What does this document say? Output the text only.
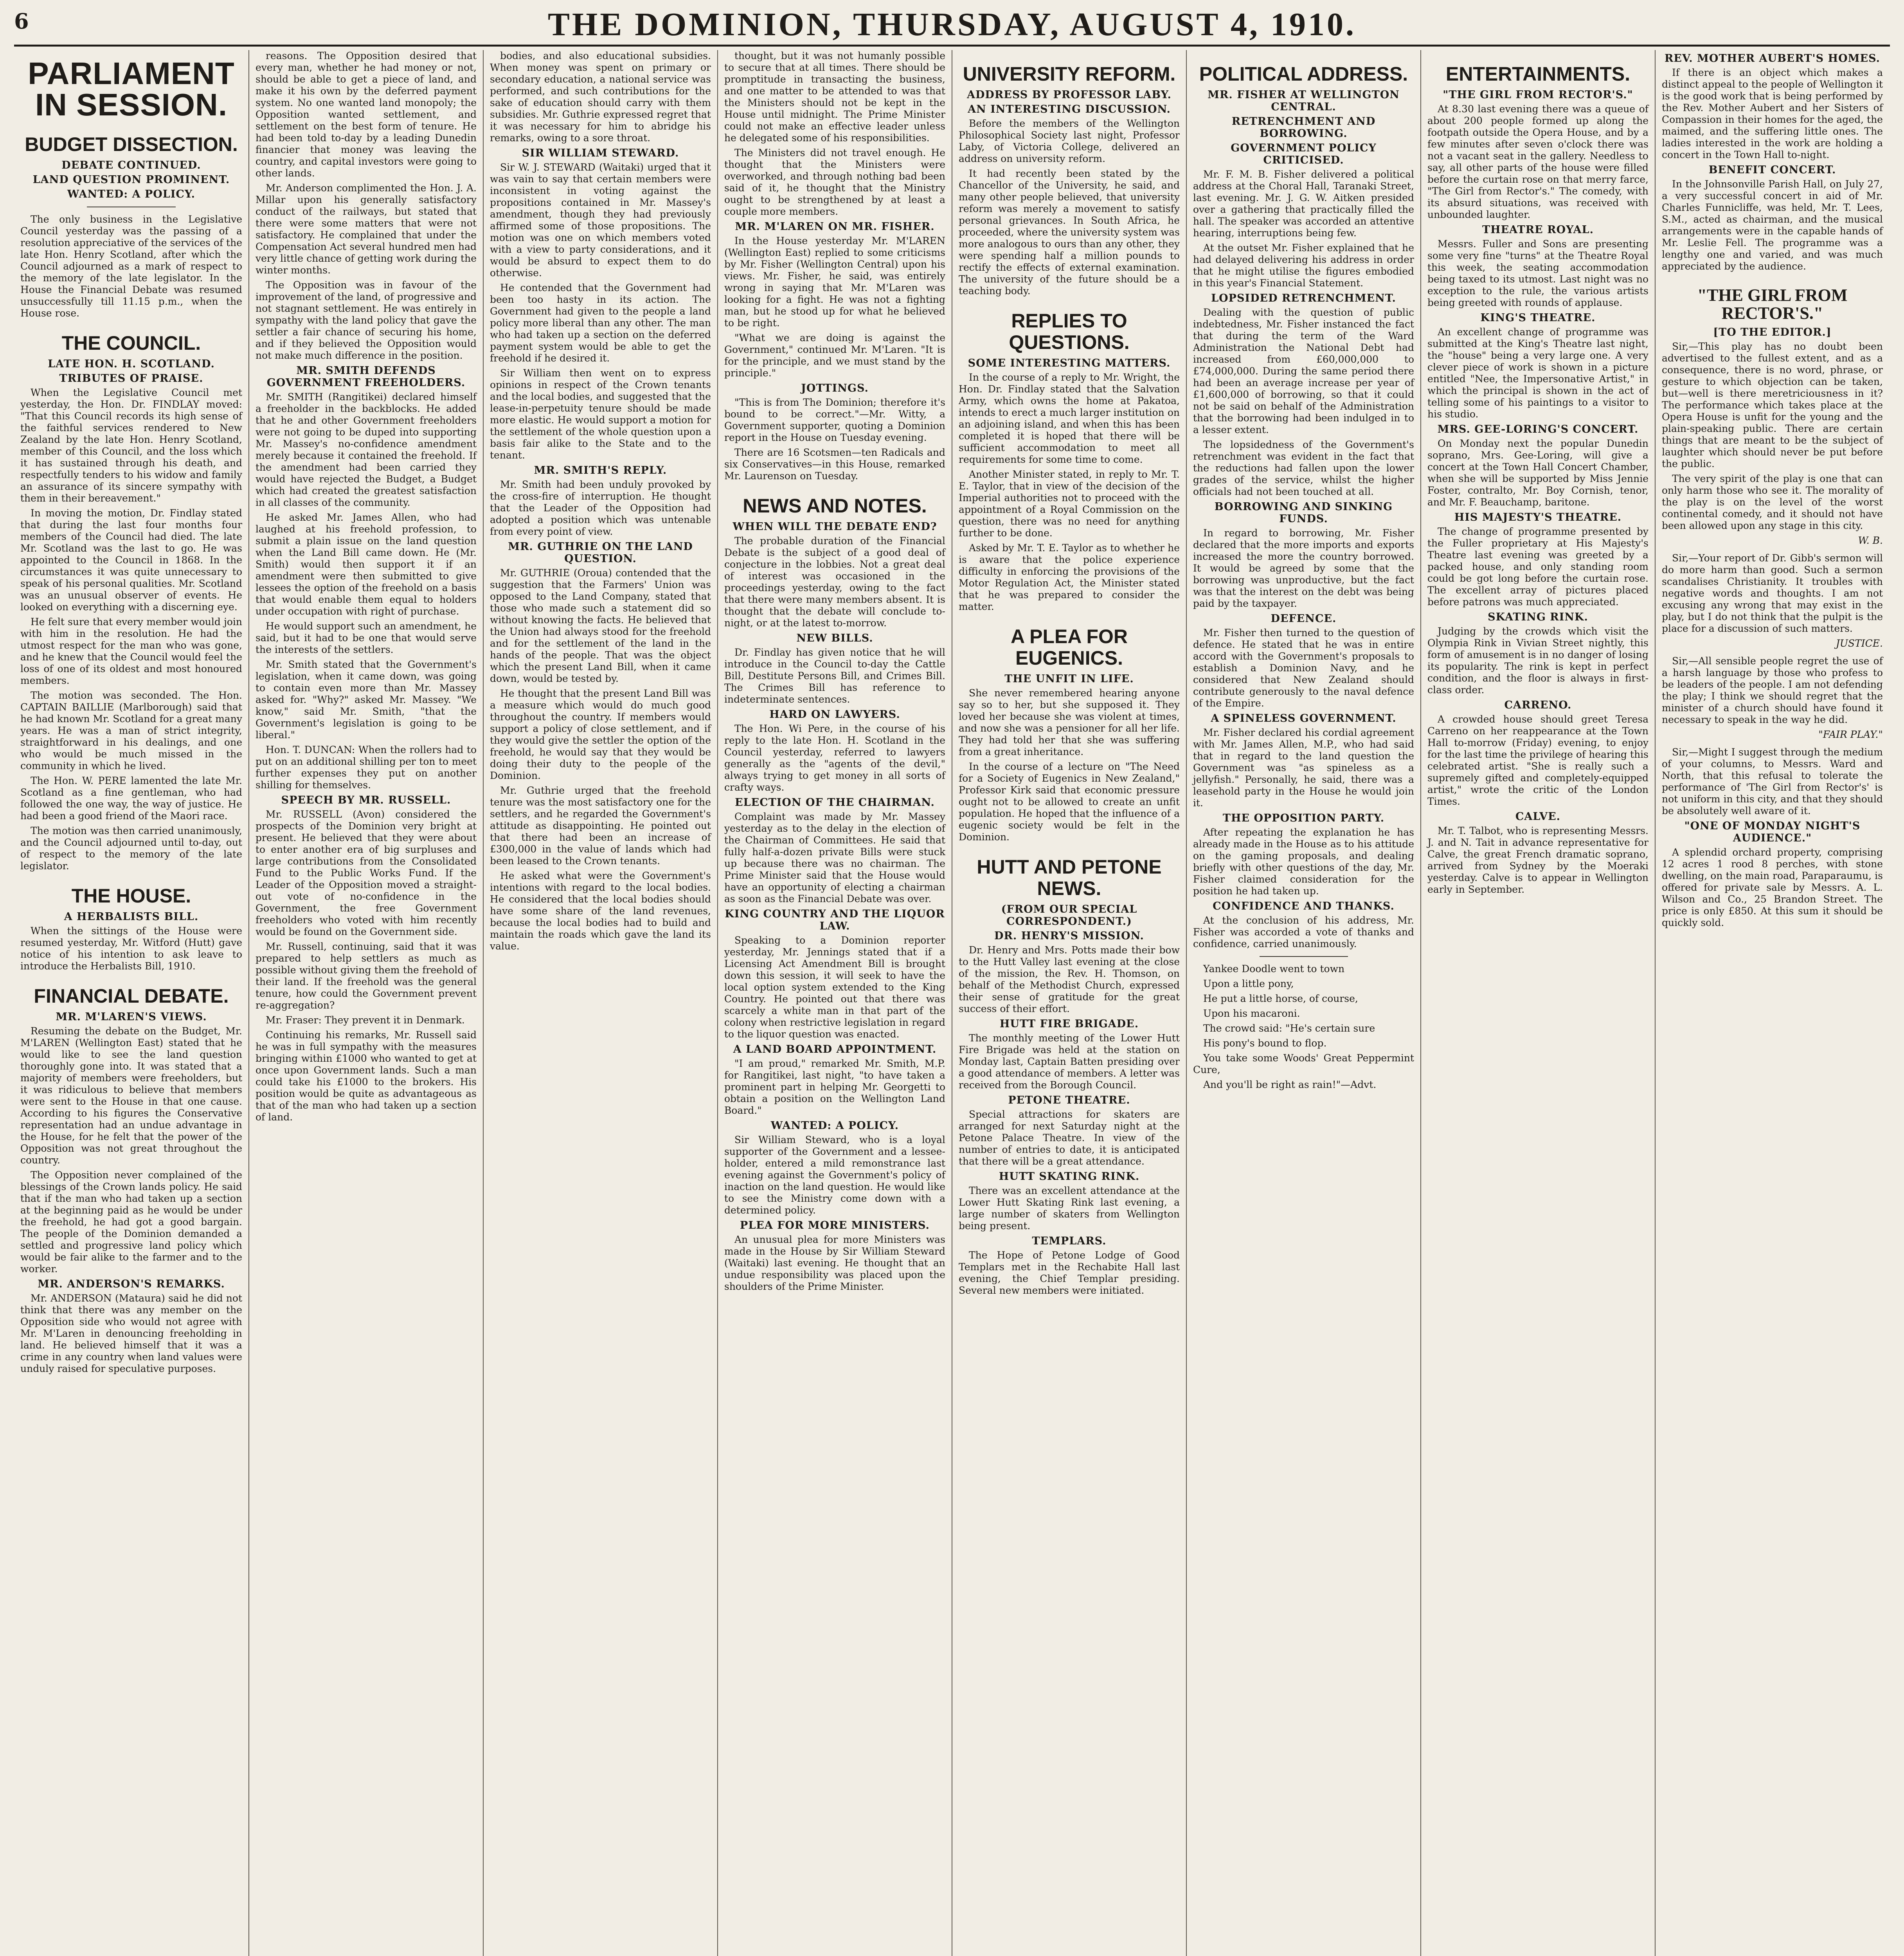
6	THE DOMINION, THURSDAY, AUGUST 4, 1910.
PARLIAMENT IN SESSION.
BUDGET DISSECTION.
DEBATE CONTINUED.
LAND QUESTION PROMINENT.
WANTED: A POLICY.

The only business in the Legislative Council yesterday was the passing of a resolution appreciative of the services of the late Hon. Henry Scotland, after which the Council adjourned as a mark of respect to the memory of the late legislator. In the House the Financial Debate was resumed unsuccessfully till 11.15 p.m., when the House rose.

THE COUNCIL.
LATE HON. H. SCOTLAND.
TRIBUTES OF PRAISE.

When the Legislative Council met yesterday, the Hon. Dr. FINDLAY moved: "That this Council records its high sense of the faithful services rendered to New Zealand by the late Hon. Henry Scotland, member of this Council, and the loss which it has sustained through his death, and respectfully tenders to his widow and family an assurance of its sincere sympathy with them in their bereavement."

In moving the motion, Dr. Findlay stated that during the last four months four members of the Council had died. The late Mr. Scotland was the last to go. He was appointed to the Council in 1868. In the circumstances it was quite unnecessary to speak of his personal qualities. Mr. Scotland was an unusual observer of events. He looked on everything with a discerning eye.

He felt sure that every member would join with him in the resolution. He had the utmost respect for the man who was gone, and he knew that the Council would feel the loss of one of its oldest and most honoured members.

The motion was seconded. The Hon. CAPTAIN BAILLIE (Marlborough) said that he had known Mr. Scotland for a great many years. He was a man of strict integrity, straightforward in his dealings, and one who would be much missed in the community in which he lived.

The Hon. W. PERE lamented the late Mr. Scotland as a fine gentleman, who had followed the one way, the way of justice. He had been a good friend of the Maori race.

The motion was then carried unanimously, and the Council adjourned until to-day, out of respect to the memory of the late legislator.

THE HOUSE.
A HERBALISTS BILL.

When the sittings of the House were resumed yesterday, Mr. Witford (Hutt) gave notice of his intention to ask leave to introduce the Herbalists Bill, 1910.

FINANCIAL DEBATE.
MR. M'LAREN'S VIEWS.

Resuming the debate on the Budget, Mr. M'LAREN (Wellington East) stated that he would like to see the land question thoroughly gone into. It was stated that a majority of members were freeholders, but it was ridiculous to believe that members were sent to the House in that one cause. According to his figures the Conservative representation had an undue advantage in the House, for he felt that the power of the Opposition was not great throughout the country.

The Opposition never complained of the blessings of the Crown lands policy. He said that if the man who had taken up a section at the beginning paid as he would be under the freehold, he had got a good bargain. The people of the Dominion demanded a settled and progressive land policy which would be fair alike to the farmer and to the worker.

MR. ANDERSON'S REMARKS.

Mr. ANDERSON (Mataura) said he did not think that there was any member on the Opposition side who would not agree with Mr. M'Laren in denouncing freeholding in land. He believed himself that it was a crime in any country when land values were unduly raised for speculative purposes.

reasons. The Opposition desired that every man, whether he had money or not, should be able to get a piece of land, and make it his own by the deferred payment system. No one wanted land monopoly; the Opposition wanted settlement, and settlement on the best form of tenure. He had been told to-day by a leading Dunedin financier that money was leaving the country, and capital investors were going to other lands.

Mr. Anderson complimented the Hon. J. A. Millar upon his generally satisfactory conduct of the railways, but stated that there were some matters that were not satisfactory. He complained that under the Compensation Act several hundred men had very little chance of getting work during the winter months.

The Opposition was in favour of the improvement of the land, of progressive and not stagnant settlement. He was entirely in sympathy with the land policy that gave the settler a fair chance of securing his home, and if they believed the Opposition would not make much difference in the position.

MR. SMITH DEFENDS GOVERNMENT FREEHOLDERS.

Mr. SMITH (Rangitikei) declared himself a freeholder in the backblocks. He added that he and other Government freeholders were not going to be duped into supporting Mr. Massey's no-confidence amendment merely because it contained the freehold. If the amendment had been carried they would have rejected the Budget, a Budget which had created the greatest satisfaction in all classes of the community.

He asked Mr. James Allen, who had laughed at his freehold profession, to submit a plain issue on the land question when the Land Bill came down. He (Mr. Smith) would then support it if an amendment were then submitted to give lessees the option of the freehold on a basis that would enable them equal to holders under occupation with right of purchase.

He would support such an amendment, he said, but it had to be one that would serve the interests of the settlers.

Mr. Smith stated that the Government's legislation, when it came down, was going to contain even more than Mr. Massey asked for. "Why?" asked Mr. Massey. "We know," said Mr. Smith, "that the Government's legislation is going to be liberal."

Hon. T. DUNCAN: When the rollers had to put on an additional shilling per ton to meet further expenses they put on another shilling for themselves.

SPEECH BY MR. RUSSELL.

Mr. RUSSELL (Avon) considered the prospects of the Dominion very bright at present. He believed that they were about to enter another era of big surpluses and large contributions from the Consolidated Fund to the Public Works Fund. If the Leader of the Opposition moved a straight-out vote of no-confidence in the Government, the free Government freeholders who voted with him recently would be found on the Government side.

Mr. Russell, continuing, said that it was prepared to help settlers as much as possible without giving them the freehold of their land. If the freehold was the general tenure, how could the Government prevent re-aggregation?

Mr. Fraser: They prevent it in Denmark.

Continuing his remarks, Mr. Russell said he was in full sympathy with the measures bringing within £1000 who wanted to get at once upon Government lands. Such a man could take his £1000 to the brokers. His position would be quite as advantageous as that of the man who had taken up a section of land.

bodies, and also educational subsidies. When money was spent on primary or secondary education, a national service was performed, and such contributions for the sake of education should carry with them subsidies. Mr. Guthrie expressed regret that it was necessary for him to abridge his remarks, owing to a sore throat.

SIR WILLIAM STEWARD.

Sir W. J. STEWARD (Waitaki) urged that it was vain to say that certain members were inconsistent in voting against the propositions contained in Mr. Massey's amendment, though they had previously affirmed some of those propositions. The motion was one on which members voted with a view to party considerations, and it would be absurd to expect them to do otherwise.

He contended that the Government had been too hasty in its action. The Government had given to the people a land policy more liberal than any other. The man who had taken up a section on the deferred payment system would be able to get the freehold if he desired it.

Sir William then went on to express opinions in respect of the Crown tenants and the local bodies, and suggested that the lease-in-perpetuity tenure should be made more elastic. He would support a motion for the settlement of the whole question upon a basis fair alike to the State and to the tenant.

MR. SMITH'S REPLY.

Mr. Smith had been unduly provoked by the cross-fire of interruption. He thought that the Leader of the Opposition had adopted a position which was untenable from every point of view.

MR. GUTHRIE ON THE LAND QUESTION.

Mr. GUTHRIE (Oroua) contended that the suggestion that the Farmers' Union was opposed to the Land Company, stated that those who made such a statement did so without knowing the facts. He believed that the Union had always stood for the freehold and for the settlement of the land in the hands of the people. That was the object which the present Land Bill, when it came down, would be tested by.

He thought that the present Land Bill was a measure which would do much good throughout the country. If members would support a policy of close settlement, and if they would give the settler the option of the freehold, he would say that they would be doing their duty to the people of the Dominion.

Mr. Guthrie urged that the freehold tenure was the most satisfactory one for the settlers, and he regarded the Government's attitude as disappointing. He pointed out that there had been an increase of £300,000 in the value of lands which had been leased to the Crown tenants.

He asked what were the Government's intentions with regard to the local bodies. He considered that the local bodies should have some share of the land revenues, because the local bodies had to build and maintain the roads which gave the land its value.

thought, but it was not humanly possible to secure that at all times. There should be promptitude in transacting the business, and one matter to be attended to was that the Ministers should not be kept in the House until midnight. The Prime Minister could not make an effective leader unless he delegated some of his responsibilities.

The Ministers did not travel enough. He thought that the Ministers were overworked, and through nothing bad been said of it, he thought that the Ministry ought to be strengthened by at least a couple more members.

MR. M'LAREN ON MR. FISHER.

In the House yesterday Mr. M'LAREN (Wellington East) replied to some criticisms by Mr. Fisher (Wellington Central) upon his views. Mr. Fisher, he said, was entirely wrong in saying that Mr. M'Laren was looking for a fight. He was not a fighting man, but he stood up for what he believed to be right.

"What we are doing is against the Government," continued Mr. M'Laren. "It is for the principle, and we must stand by the principle."

JOTTINGS.

"This is from The Dominion; therefore it's bound to be correct."—Mr. Witty, a Government supporter, quoting a Dominion report in the House on Tuesday evening.

There are 16 Scotsmen—ten Radicals and six Conservatives—in this House, remarked Mr. Laurenson on Tuesday.

NEWS AND NOTES.
WHEN WILL THE DEBATE END?

The probable duration of the Financial Debate is the subject of a good deal of conjecture in the lobbies. Not a great deal of interest was occasioned in the proceedings yesterday, owing to the fact that there were many members absent. It is thought that the debate will conclude to-night, or at the latest to-morrow.

NEW BILLS.

Dr. Findlay has given notice that he will introduce in the Council to-day the Cattle Bill, Destitute Persons Bill, and Crimes Bill. The Crimes Bill has reference to indeterminate sentences.

HARD ON LAWYERS.

The Hon. Wi Pere, in the course of his reply to the late Hon. H. Scotland in the Council yesterday, referred to lawyers generally as the "agents of the devil," always trying to get money in all sorts of crafty ways.

ELECTION OF THE CHAIRMAN.

Complaint was made by Mr. Massey yesterday as to the delay in the election of the Chairman of Committees. He said that fully half-a-dozen private Bills were stuck up because there was no chairman. The Prime Minister said that the House would have an opportunity of electing a chairman as soon as the Financial Debate was over.

KING COUNTRY AND THE LIQUOR LAW.

Speaking to a Dominion reporter yesterday, Mr. Jennings stated that if a Licensing Act Amendment Bill is brought down this session, it will seek to have the local option system extended to the King Country. He pointed out that there was scarcely a white man in that part of the colony when restrictive legislation in regard to the liquor question was enacted.

A LAND BOARD APPOINTMENT.

"I am proud," remarked Mr. Smith, M.P. for Rangitikei, last night, "to have taken a prominent part in helping Mr. Georgetti to obtain a position on the Wellington Land Board."

WANTED: A POLICY.

Sir William Steward, who is a loyal supporter of the Government and a lessee-holder, entered a mild remonstrance last evening against the Government's policy of inaction on the land question. He would like to see the Ministry come down with a determined policy.

PLEA FOR MORE MINISTERS.

An unusual plea for more Ministers was made in the House by Sir William Steward (Waitaki) last evening. He thought that an undue responsibility was placed upon the shoulders of the Prime Minister.

UNIVERSITY REFORM.
ADDRESS BY PROFESSOR LABY.
AN INTERESTING DISCUSSION.

Before the members of the Wellington Philosophical Society last night, Professor Laby, of Victoria College, delivered an address on university reform.

It had recently been stated by the Chancellor of the University, he said, and many other people believed, that university reform was merely a movement to satisfy personal grievances. In South Africa, he proceeded, where the university system was more analogous to ours than any other, they were spending half a million pounds to rectify the effects of external examination. The university of the future should be a teaching body.

REPLIES TO QUESTIONS.
SOME INTERESTING MATTERS.

In the course of a reply to Mr. Wright, the Hon. Dr. Findlay stated that the Salvation Army, which owns the home at Pakatoa, intends to erect a much larger institution on an adjoining island, and when this has been completed it is hoped that there will be sufficient accommodation to meet all requirements for some time to come.

Another Minister stated, in reply to Mr. T. E. Taylor, that in view of the decision of the Imperial authorities not to proceed with the appointment of a Royal Commission on the question, there was no need for anything further to be done.

Asked by Mr. T. E. Taylor as to whether he is aware that the police experience difficulty in enforcing the provisions of the Motor Regulation Act, the Minister stated that he was prepared to consider the matter.

A PLEA FOR EUGENICS.
THE UNFIT IN LIFE.

She never remembered hearing anyone say so to her, but she supposed it. They loved her because she was violent at times, and now she was a pensioner for all her life. They had told her that she was suffering from a great inheritance.

In the course of a lecture on "The Need for a Society of Eugenics in New Zealand," Professor Kirk said that economic pressure ought not to be allowed to create an unfit population. He hoped that the influence of a eugenic society would be felt in the Dominion.

HUTT AND PETONE NEWS.
(FROM OUR SPECIAL CORRESPONDENT.)
DR. HENRY'S MISSION.

Dr. Henry and Mrs. Potts made their bow to the Hutt Valley last evening at the close of the mission, the Rev. H. Thomson, on behalf of the Methodist Church, expressed their sense of gratitude for the great success of their effort.

HUTT FIRE BRIGADE.

The monthly meeting of the Lower Hutt Fire Brigade was held at the station on Monday last, Captain Batten presiding over a good attendance of members. A letter was received from the Borough Council.

PETONE THEATRE.

Special attractions for skaters are arranged for next Saturday night at the Petone Palace Theatre. In view of the number of entries to date, it is anticipated that there will be a great attendance.

HUTT SKATING RINK.

There was an excellent attendance at the Lower Hutt Skating Rink last evening, a large number of skaters from Wellington being present.

TEMPLARS.

The Hope of Petone Lodge of Good Templars met in the Rechabite Hall last evening, the Chief Templar presiding. Several new members were initiated.

POLITICAL ADDRESS.
MR. FISHER AT WELLINGTON CENTRAL.
RETRENCHMENT AND BORROWING.
GOVERNMENT POLICY CRITICISED.

Mr. F. M. B. Fisher delivered a political address at the Choral Hall, Taranaki Street, last evening. Mr. J. G. W. Aitken presided over a gathering that practically filled the hall. The speaker was accorded an attentive hearing, interruptions being few.

At the outset Mr. Fisher explained that he had delayed delivering his address in order that he might utilise the figures embodied in this year's Financial Statement.

LOPSIDED RETRENCHMENT.

Dealing with the question of public indebtedness, Mr. Fisher instanced the fact that during the term of the Ward Administration the National Debt had increased from £60,000,000 to £74,000,000. During the same period there had been an average increase per year of £1,600,000 of borrowing, so that it could not be said on behalf of the Administration that the borrowing had been indulged in to a lesser extent.

The lopsidedness of the Government's retrenchment was evident in the fact that the reductions had fallen upon the lower grades of the service, whilst the higher officials had not been touched at all.

BORROWING AND SINKING FUNDS.

In regard to borrowing, Mr. Fisher declared that the more imports and exports increased the more the country borrowed. It would be agreed by some that the borrowing was unproductive, but the fact was that the interest on the debt was being paid by the taxpayer.

DEFENCE.

Mr. Fisher then turned to the question of defence. He stated that he was in entire accord with the Government's proposals to establish a Dominion Navy, and he considered that New Zealand should contribute generously to the naval defence of the Empire.

A SPINELESS GOVERNMENT.

Mr. Fisher declared his cordial agreement with Mr. James Allen, M.P., who had said that in regard to the land question the Government was "as spineless as a jellyfish." Personally, he said, there was a leasehold party in the House he would join it.

THE OPPOSITION PARTY.

After repeating the explanation he has already made in the House as to his attitude on the gaming proposals, and dealing briefly with other questions of the day, Mr. Fisher claimed consideration for the position he had taken up.

CONFIDENCE AND THANKS.

At the conclusion of his address, Mr. Fisher was accorded a vote of thanks and confidence, carried unanimously.

Yankee Doodle went to town

Upon a little pony,

He put a little horse, of course,

Upon his macaroni.

The crowd said: "He's certain sure

His pony's bound to flop.

You take some Woods' Great Peppermint Cure,

And you'll be right as rain!"—Advt.

ENTERTAINMENTS.
"THE GIRL FROM RECTOR'S."

At 8.30 last evening there was a queue of about 200 people formed up along the footpath outside the Opera House, and by a few minutes after seven o'clock there was not a vacant seat in the gallery. Needless to say, all other parts of the house were filled before the curtain rose on that merry farce, "The Girl from Rector's." The comedy, with its absurd situations, was received with unbounded laughter.

THEATRE ROYAL.

Messrs. Fuller and Sons are presenting some very fine "turns" at the Theatre Royal this week, the seating accommodation being taxed to its utmost. Last night was no exception to the rule, the various artists being greeted with rounds of applause.

KING'S THEATRE.

An excellent change of programme was submitted at the King's Theatre last night, the "house" being a very large one. A very clever piece of work is shown in a picture entitled "Nee, the Impersonative Artist," in which the principal is shown in the act of telling some of his paintings to a visitor to his studio.

MRS. GEE-LORING'S CONCERT.

On Monday next the popular Dunedin soprano, Mrs. Gee-Loring, will give a concert at the Town Hall Concert Chamber, when she will be supported by Miss Jennie Foster, contralto, Mr. Boy Cornish, tenor, and Mr. F. Beauchamp, baritone.

HIS MAJESTY'S THEATRE.

The change of programme presented by the Fuller proprietary at His Majesty's Theatre last evening was greeted by a packed house, and only standing room could be got long before the curtain rose. The excellent array of pictures placed before patrons was much appreciated.

SKATING RINK.

Judging by the crowds which visit the Olympia Rink in Vivian Street nightly, this form of amusement is in no danger of losing its popularity. The rink is kept in perfect condition, and the floor is always in first-class order.

CARRENO.

A crowded house should greet Teresa Carreno on her reappearance at the Town Hall to-morrow (Friday) evening, to enjoy for the last time the privilege of hearing this celebrated artist. "She is really such a supremely gifted and completely-equipped artist," wrote the critic of the London Times.

CALVE.

Mr. T. Talbot, who is representing Messrs. J. and N. Tait in advance representative for Calve, the great French dramatic soprano, arrived from Sydney by the Moeraki yesterday. Calve is to appear in Wellington early in September.

REV. MOTHER AUBERT'S HOMES.

If there is an object which makes a distinct appeal to the people of Wellington it is the good work that is being performed by the Rev. Mother Aubert and her Sisters of Compassion in their homes for the aged, the maimed, and the suffering little ones. The ladies interested in the work are holding a concert in the Town Hall to-night.

BENEFIT CONCERT.

In the Johnsonville Parish Hall, on July 27, a very successful concert in aid of Mr. Charles Funnicliffe, was held, Mr. T. Lees, S.M., acted as chairman, and the musical arrangements were in the capable hands of Mr. Leslie Fell. The programme was a lengthy one and varied, and was much appreciated by the audience.

"THE GIRL FROM RECTOR'S."
[TO THE EDITOR.]

Sir,—This play has no doubt been advertised to the fullest extent, and as a consequence, there is no word, phrase, or gesture to which objection can be taken, but—well is there meretriciousness in it? The performance which takes place at the Opera House is unfit for the young and the plain-speaking public. There are certain things that are meant to be the subject of laughter which should never be put before the public.

The very spirit of the play is one that can only harm those who see it. The morality of the play is on the level of the worst continental comedy, and it should not have been allowed upon any stage in this city.

W. B.

Sir,—Your report of Dr. Gibb's sermon will do more harm than good. Such a sermon scandalises Christianity. It troubles with negative words and thoughts. I am not excusing any wrong that may exist in the play, but I do not think that the pulpit is the place for a discussion of such matters.

JUSTICE.

Sir,—All sensible people regret the use of a harsh language by those who profess to be leaders of the people. I am not defending the play; I think we should regret that the minister of a church should have found it necessary to speak in the way he did.

"FAIR PLAY."

Sir,—Might I suggest through the medium of your columns, to Messrs. Ward and North, that this refusal to tolerate the performance of 'The Girl from Rector's' is not uniform in this city, and that they should be absolutely well aware of it.

"ONE OF MONDAY NIGHT'S AUDIENCE."

A splendid orchard property, comprising 12 acres 1 rood 8 perches, with stone dwelling, on the main road, Paraparaumu, is offered for private sale by Messrs. A. L. Wilson and Co., 25 Brandon Street. The price is only £850. At this sum it should be quickly sold.
